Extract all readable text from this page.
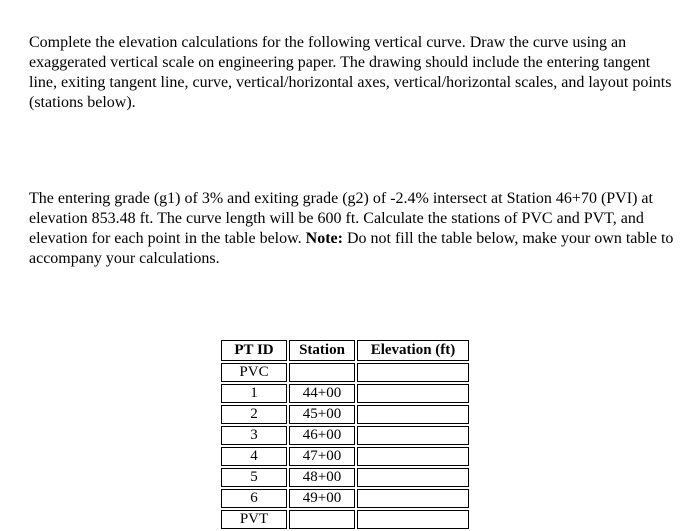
Complete the elevation calculations for the following vertical curve. Draw the curve using an exaggerated vertical scale on engineering paper. The drawing should include the entering tangent line, exiting tangent line, curve, vertical/horizontal axes, vertical/horizontal scales, and layout points (stations below).

The entering grade (g1) of 3% and exiting grade (g2) of -2.4% intersect at Station 46+70 (PVI) at elevation 853.48 ft. The curve length will be 600 ft. Calculate the stations of PVC and PVT, and elevation for each point in the table below. Note: Do not fill the table below, make your own table to accompany your calculations.

PT ID	Station	Elevation (ft)
PVC		
1	44+00	
2	45+00	
3	46+00	
4	47+00	
5	48+00	
6	49+00	
PVT		
